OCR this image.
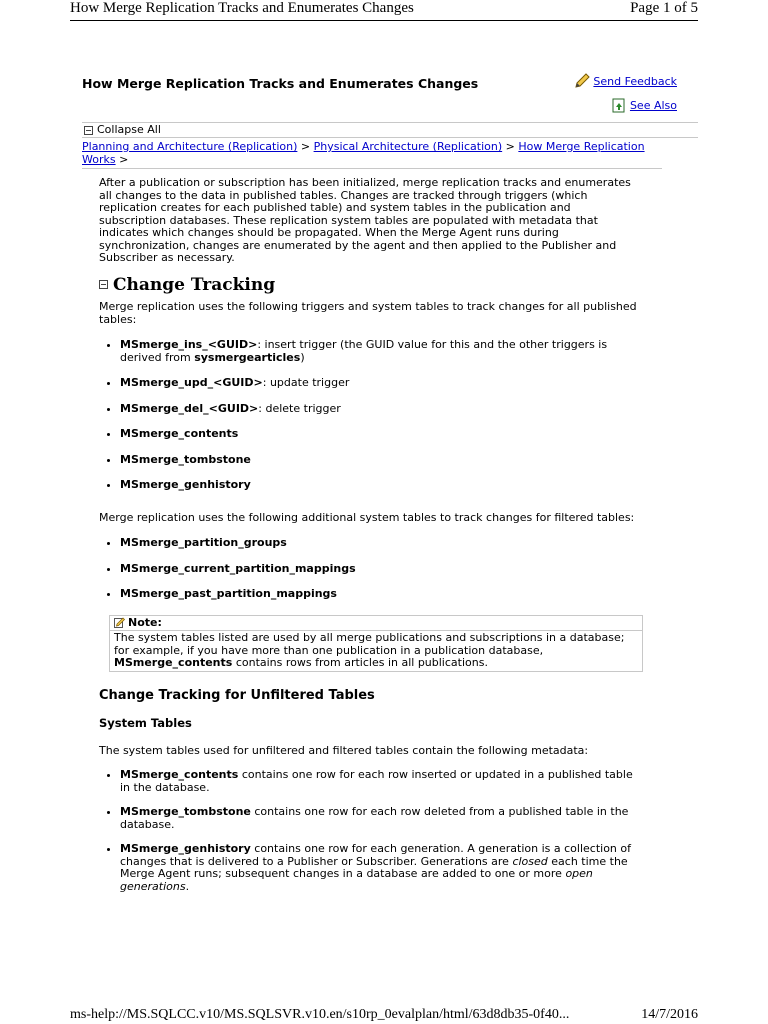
How Merge Replication Tracks and Enumerates Changes	Page 1 of 5
How Merge Replication Tracks and Enumerates Changes	Send Feedback
See Also
Collapse All
Planning and Architecture (Replication) > Physical Architecture (Replication) > How Merge Replication Works >

After a publication or subscription has been initialized, merge replication tracks and enumerates all changes to the data in published tables. Changes are tracked through triggers (which replication creates for each published table) and system tables in the publication and subscription databases. These replication system tables are populated with metadata that indicates which changes should be propagated. When the Merge Agent runs during synchronization, changes are enumerated by the agent and then applied to the Publisher and Subscriber as necessary.

Change Tracking

Merge replication uses the following triggers and system tables to track changes for all published tables:

• MSmerge_ins_<GUID>: insert trigger (the GUID value for this and the other triggers is derived from sysmergearticles)
• MSmerge_upd_<GUID>: update trigger
• MSmerge_del_<GUID>: delete trigger
• MSmerge_contents
• MSmerge_tombstone
• MSmerge_genhistory

Merge replication uses the following additional system tables to track changes for filtered tables:

• MSmerge_partition_groups
• MSmerge_current_partition_mappings
• MSmerge_past_partition_mappings
Note:
The system tables listed are used by all merge publications and subscriptions in a database; for example, if you have more than one publication in a publication database, MSmerge_contents contains rows from articles in all publications.
Change Tracking for Unfiltered Tables
System Tables

The system tables used for unfiltered and filtered tables contain the following metadata:

• MSmerge_contents contains one row for each row inserted or updated in a published table in the database.
• MSmerge_tombstone contains one row for each row deleted from a published table in the database.
• MSmerge_genhistory contains one row for each generation. A generation is a collection of changes that is delivered to a Publisher or Subscriber. Generations are closed each time the Merge Agent runs; subsequent changes in a database are added to one or more open generations.
ms-help://MS.SQLCC.v10/MS.SQLSVR.v10.en/s10rp_0evalplan/html/63d8db35-0f40...	14/7/2016
